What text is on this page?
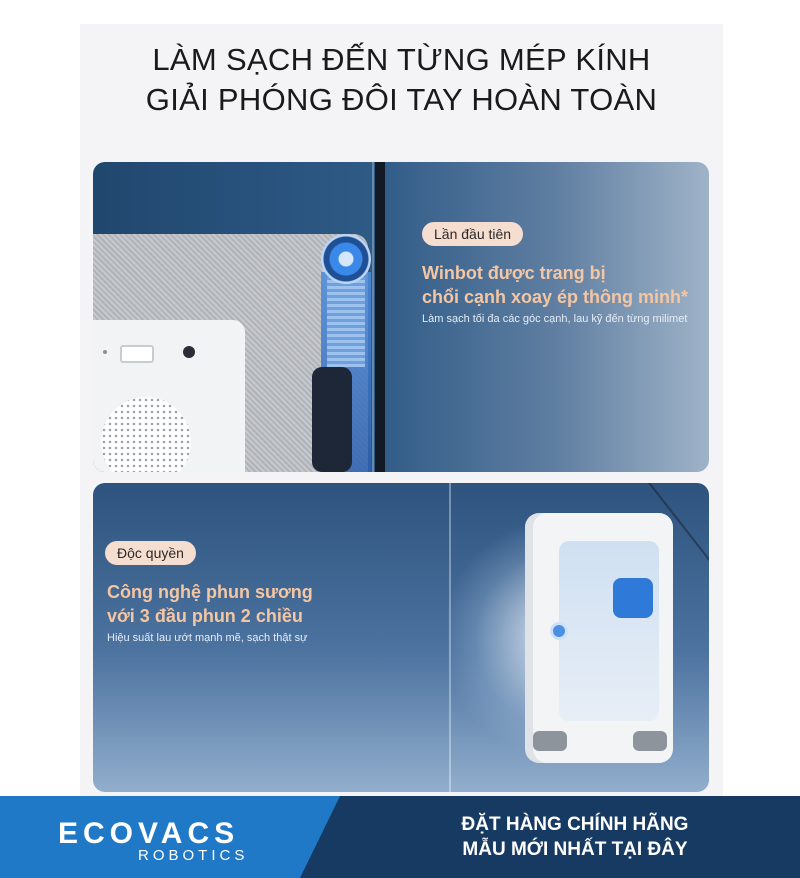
LÀM SẠCH ĐẾN TỪNG MÉP KÍNH
GIẢI PHÓNG ĐÔI TAY HOÀN TOÀN
Lần đầu tiên
Winbot được trang bị
chổi cạnh xoay ép thông minh*
Làm sạch tối đa các góc cạnh, lau kỹ đến từng milimet
Độc quyền
Công nghệ phun sương
với 3 đầu phun 2 chiều
Hiệu suất lau ướt mạnh mẽ, sạch thật sự
ECOVACS
ROBOTICS
ĐẶT HÀNG CHÍNH HÃNG
MẪU MỚI NHẤT TẠI ĐÂY
